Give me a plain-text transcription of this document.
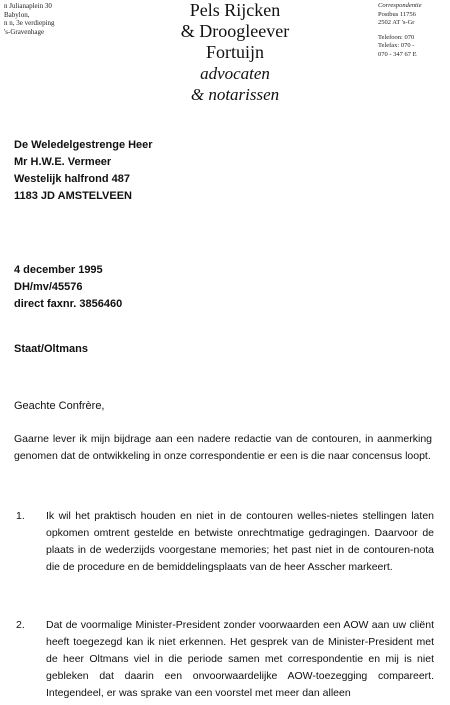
n Julianaplein 30
Babylon,
n n, 3e verdieping
's-Gravenhage
Pels Rijcken
& Droogleever
Fortuijn
advocaten
& notarissen
Correspondentie
Postbus 11756
2502 AT 's-Gr
Telefoon: 070
Telefax: 070 -
070 - 347 67 E
De Weledelgestrenge Heer
Mr H.W.E. Vermeer
Westelijk halfrond 487
1183 JD AMSTELVEEN
4 december 1995
DH/mv/45576
direct faxnr. 3856460
Staat/Oltmans
Geachte Confrère,
Gaarne lever ik mijn bijdrage aan een nadere redactie van de contouren, in aanmerking genomen dat de ontwikkeling in onze correspondentie er een is die naar concensus loopt.
1. Ik wil het praktisch houden en niet in de contouren welles-nietes stellingen laten opkomen omtrent gestelde en betwiste onrechtmatige gedragingen. Daarvoor de plaats in de wederzijds voorgestane memories; het past niet in de contouren-nota die de procedure en de bemiddelingsplaats van de heer Asscher markeert.
2. Dat de voormalige Minister-President zonder voorwaarden een AOW aan uw cliënt heeft toegezegd kan ik niet erkennen. Het gesprek van de Minister-President met de heer Oltmans viel in die periode samen met correspondentie en mij is niet gebleken dat daarin een onvoorwaardelijke AOW-toezegging compareert. Integendeel, er was sprake van een voorstel met meer dan alleen
